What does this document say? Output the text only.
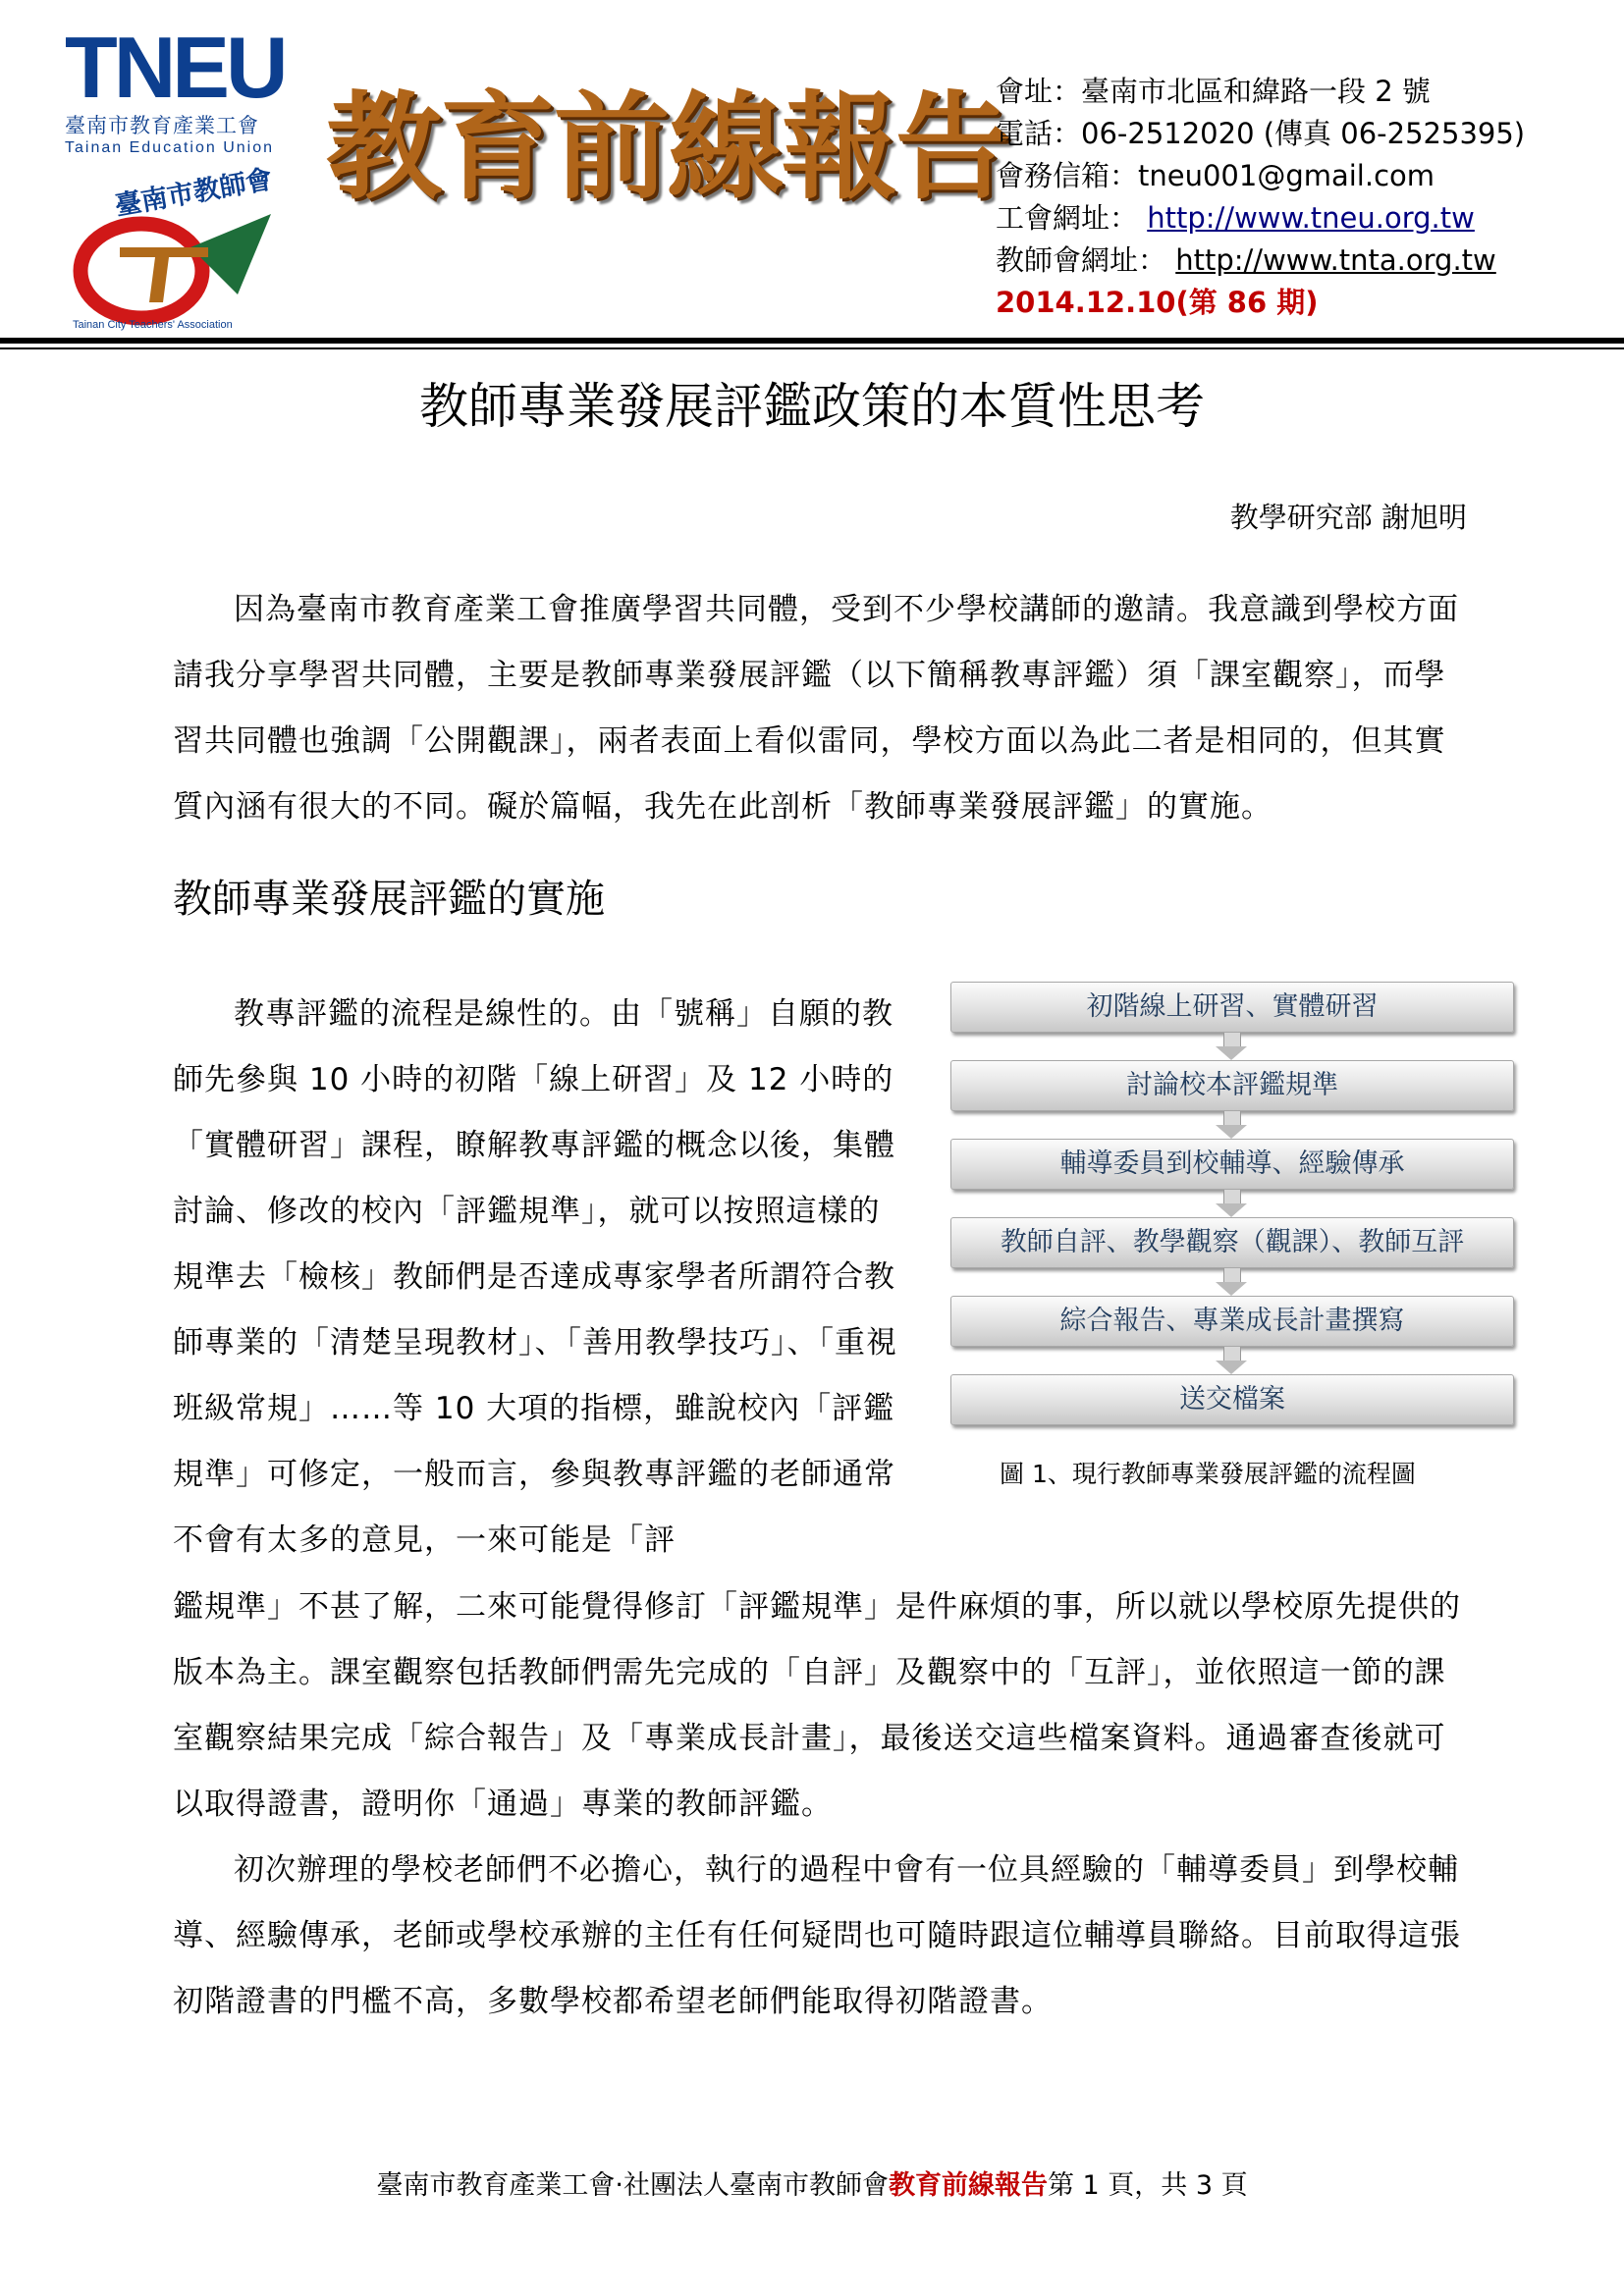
TNEU
臺南市教育產業工會
Tainan Education Union
臺南市教師會
Tainan City Teachers' Association
教育前線報告
會址：臺南市北區和緯路一段 2 號
電話：06-2512020 (傳真 06-2525395)
會務信箱：tneu001@gmail.com
工會網址： http://www.tneu.org.tw
教師會網址： http://www.tnta.org.tw
2014.12.10(第 86 期)
教師專業發展評鑑政策的本質性思考
教學研究部 謝旭明
因為臺南市教育產業工會推廣學習共同體，受到不少學校講師的邀請。我意識到學校方面請我分享學習共同體，主要是教師專業發展評鑑（以下簡稱教專評鑑）須「課室觀察」，而學習共同體也強調「公開觀課」，兩者表面上看似雷同，學校方面以為此二者是相同的，但其實質內涵有很大的不同。礙於篇幅，我先在此剖析「教師專業發展評鑑」的實施。
教師專業發展評鑑的實施
教專評鑑的流程是線性的。由「號稱」自願的教師先參與 10 小時的初階「線上研習」及 12 小時的「實體研習」課程，瞭解教專評鑑的概念以後，集體討論、修改的校內「評鑑規準」，就可以按照這樣的規準去「檢核」教師們是否達成專家學者所謂符合教師專業的「清楚呈現教材」、「善用教學技巧」、「重視班級常規」……等 10 大項的指標，雖說校內「評鑑規準」可修定，一般而言，參與教專評鑑的老師通常不會有太多的意見，一來可能是「評
初階線上研習、實體研習
討論校本評鑑規準
輔導委員到校輔導、經驗傳承
教師自評、教學觀察（觀課）、教師互評
綜合報告、專業成長計畫撰寫
送交檔案
圖 1、現行教師專業發展評鑑的流程圖
鑑規準」不甚了解，二來可能覺得修訂「評鑑規準」是件麻煩的事，所以就以學校原先提供的版本為主。課室觀察包括教師們需先完成的「自評」及觀察中的「互評」，並依照這一節的課室觀察結果完成「綜合報告」及「專業成長計畫」，最後送交這些檔案資料。通過審查後就可以取得證書，證明你「通過」專業的教師評鑑。
初次辦理的學校老師們不必擔心，執行的過程中會有一位具經驗的「輔導委員」到學校輔導、經驗傳承，老師或學校承辦的主任有任何疑問也可隨時跟這位輔導員聯絡。目前取得這張初階證書的門檻不高，多數學校都希望老師們能取得初階證書。
臺南市教育產業工會‧社團法人臺南市教師會教育前線報告第 1 頁，共 3 頁
